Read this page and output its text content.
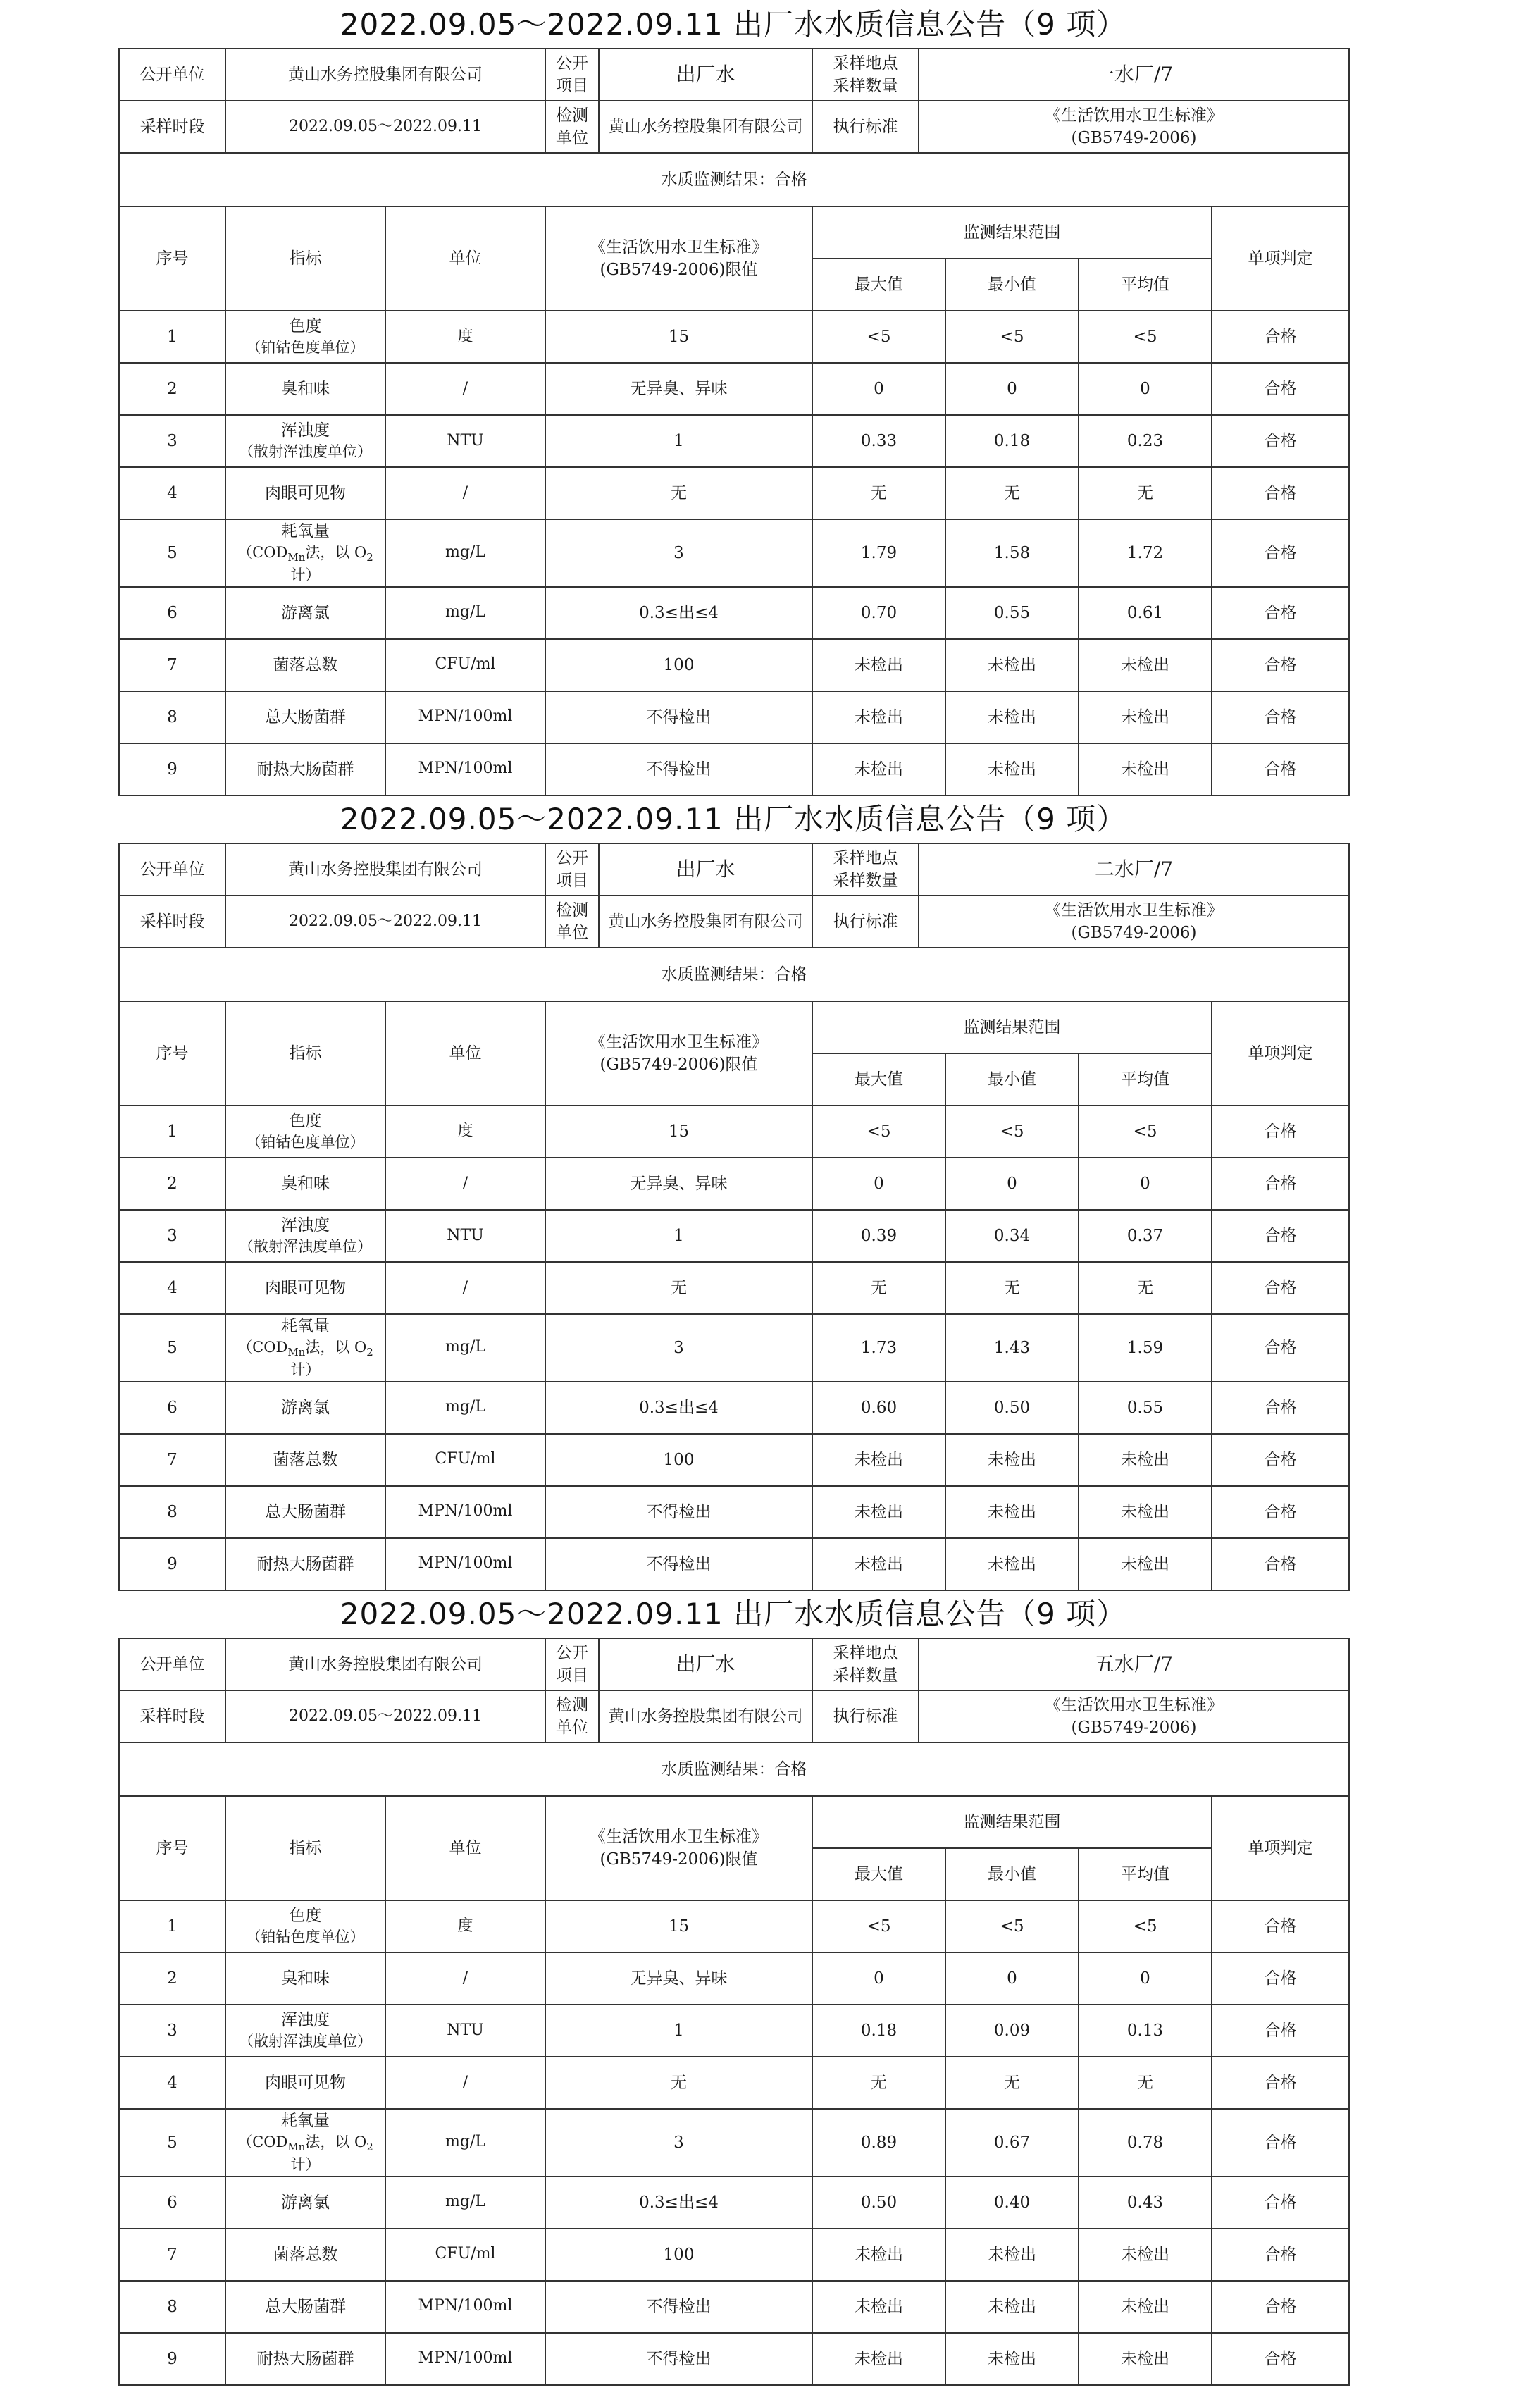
2022.09.05～2022.09.11 出厂水水质信息公告（9 项）
公开单位	黄山水务控股集团有限公司		公开项目	出厂水	采样地点
采样数量	一水厂/7			
采样时段	2022.09.05～2022.09.11		检测单位	黄山水务控股集团有限公司	执行标准	《生活饮用水卫生标准》
(GB5749-2006)			

水质监测结果：合格									
序号	指标	单位	《生活饮用水卫生标准》
(GB5749-2006)限值		监测结果范围				单项判定
					最大值		最小值	平均值	
1	色度
（铂钴色度单位）	度	15		<5		<5	<5	合格
2	臭和味	/	无异臭、异味		0		0	0	合格
3	浑浊度
（散射浑浊度单位）	NTU	1		0.33		0.18	0.23	合格
4	肉眼可见物	/	无		无		无	无	合格
5	耗氧量
（$COD_{Mn}$法，以 $O_2$计）	mg/L	3		1.79		1.58	1.72	合格
6	游离氯	mg/L	0.3≤出≤4		0.70		0.55	0.61	合格
7	菌落总数	CFU/ml	100		未检出		未检出	未检出	合格
8	总大肠菌群	MPN/100ml	不得检出		未检出		未检出	未检出	合格
9	耐热大肠菌群	MPN/100ml	不得检出		未检出		未检出	未检出	合格
2022.09.05～2022.09.11 出厂水水质信息公告（9 项）
公开单位	黄山水务控股集团有限公司		公开项目	出厂水	采样地点
采样数量	二水厂/7			
采样时段	2022.09.05～2022.09.11		检测单位	黄山水务控股集团有限公司	执行标准	《生活饮用水卫生标准》
(GB5749-2006)			

水质监测结果：合格									
序号	指标	单位	《生活饮用水卫生标准》
(GB5749-2006)限值		监测结果范围				单项判定
					最大值		最小值	平均值	
1	色度
（铂钴色度单位）	度	15		<5		<5	<5	合格
2	臭和味	/	无异臭、异味		0		0	0	合格
3	浑浊度
（散射浑浊度单位）	NTU	1		0.39		0.34	0.37	合格
4	肉眼可见物	/	无		无		无	无	合格
5	耗氧量
（$COD_{Mn}$法，以 $O_2$计）	mg/L	3		1.73		1.43	1.59	合格
6	游离氯	mg/L	0.3≤出≤4		0.60		0.50	0.55	合格
7	菌落总数	CFU/ml	100		未检出		未检出	未检出	合格
8	总大肠菌群	MPN/100ml	不得检出		未检出		未检出	未检出	合格
9	耐热大肠菌群	MPN/100ml	不得检出		未检出		未检出	未检出	合格
2022.09.05～2022.09.11 出厂水水质信息公告（9 项）
公开单位	黄山水务控股集团有限公司		公开项目	出厂水	采样地点
采样数量	五水厂/7			
采样时段	2022.09.05～2022.09.11		检测单位	黄山水务控股集团有限公司	执行标准	《生活饮用水卫生标准》
(GB5749-2006)			

水质监测结果：合格									
序号	指标	单位	《生活饮用水卫生标准》
(GB5749-2006)限值		监测结果范围				单项判定
					最大值		最小值	平均值	
1	色度
（铂钴色度单位）	度	15		<5		<5	<5	合格
2	臭和味	/	无异臭、异味		0		0	0	合格
3	浑浊度
（散射浑浊度单位）	NTU	1		0.18		0.09	0.13	合格
4	肉眼可见物	/	无		无		无	无	合格
5	耗氧量
（$COD_{Mn}$法，以 $O_2$计）	mg/L	3		0.89		0.67	0.78	合格
6	游离氯	mg/L	0.3≤出≤4		0.50		0.40	0.43	合格
7	菌落总数	CFU/ml	100		未检出		未检出	未检出	合格
8	总大肠菌群	MPN/100ml	不得检出		未检出		未检出	未检出	合格
9	耐热大肠菌群	MPN/100ml	不得检出		未检出		未检出	未检出	合格
